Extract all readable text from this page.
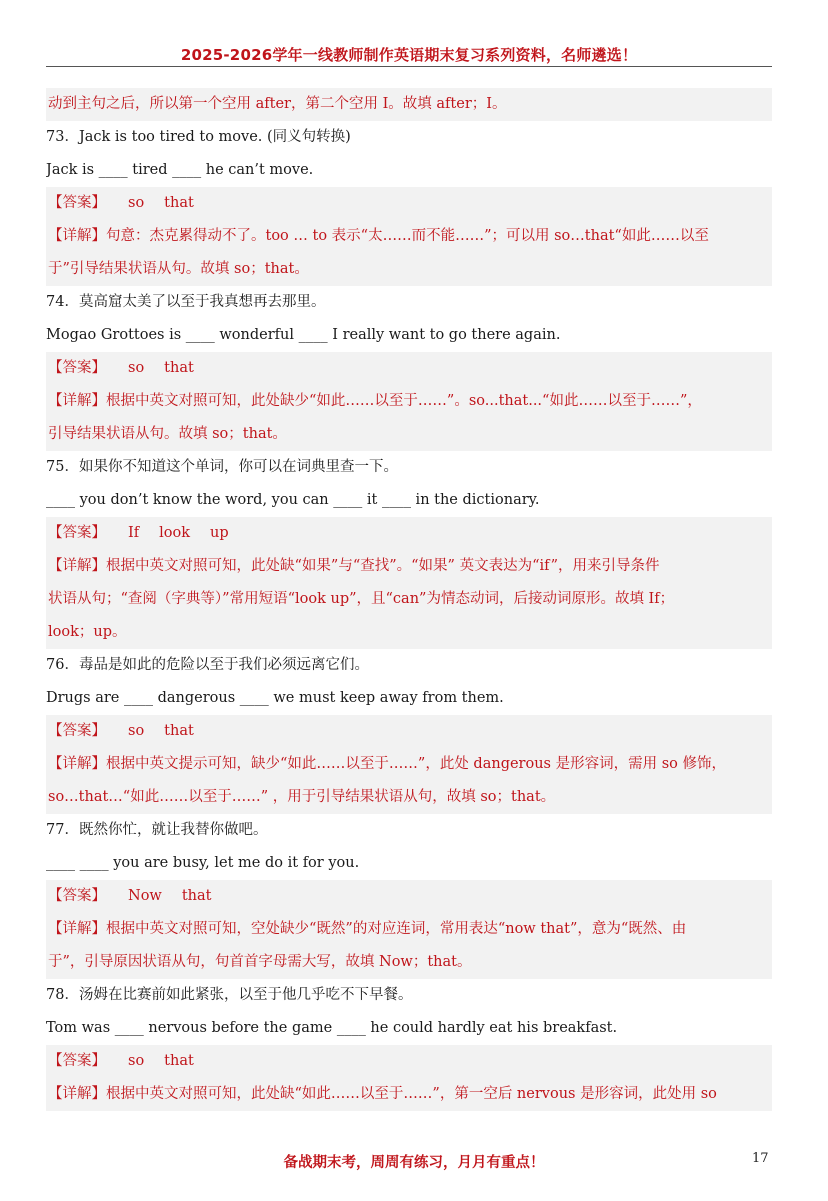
2025-2026学年一线教师制作英语期末复习系列资料，名师遴选！
动到主句之后，所以第一个空用 after，第二个空用 I。故填 after；I。
73．Jack is too tired to move. (同义句转换)
Jack is ____ tired ____ he can’t move.
【答案】 so that
【详解】句意：杰克累得动不了。too … to 表示“太……而不能……”；可以用 so…that“如此……以至
于”引导结果状语从句。故填 so；that。
74．莫高窟太美了以至于我真想再去那里。
Mogao Grottoes is ____ wonderful ____ I really want to go there again.
【答案】 so that
【详解】根据中英文对照可知，此处缺少“如此……以至于……”。so...that...“如此……以至于……”，
引导结果状语从句。故填 so；that。
75．如果你不知道这个单词，你可以在词典里查一下。
____ you don’t know the word, you can ____ it ____ in the dictionary.
【答案】 If look up
【详解】根据中英文对照可知，此处缺“如果”与“查找”。“如果” 英文表达为“if”，用来引导条件
状语从句；“查阅（字典等）”常用短语“look up”，且“can”为情态动词，后接动词原形。故填 If；
look；up。
76．毒品是如此的危险以至于我们必须远离它们。
Drugs are ____ dangerous ____ we must keep away from them.
【答案】 so that
【详解】根据中英文提示可知，缺少“如此……以至于……”，此处 dangerous 是形容词，需用 so 修饰，
so…that…“如此……以至于……” ，用于引导结果状语从句，故填 so；that。
77．既然你忙，就让我替你做吧。
____ ____ you are busy, let me do it for you.
【答案】 Now that
【详解】根据中英文对照可知，空处缺少“既然”的对应连词，常用表达“now that”，意为“既然、由
于”，引导原因状语从句，句首首字母需大写，故填 Now；that。
78．汤姆在比赛前如此紧张，以至于他几乎吃不下早餐。
Tom was ____ nervous before the game ____ he could hardly eat his breakfast.
【答案】 so that
【详解】根据中英文对照可知，此处缺“如此……以至于……”，第一空后 nervous 是形容词，此处用 so
备战期末考，周周有练习，月月有重点！	17
